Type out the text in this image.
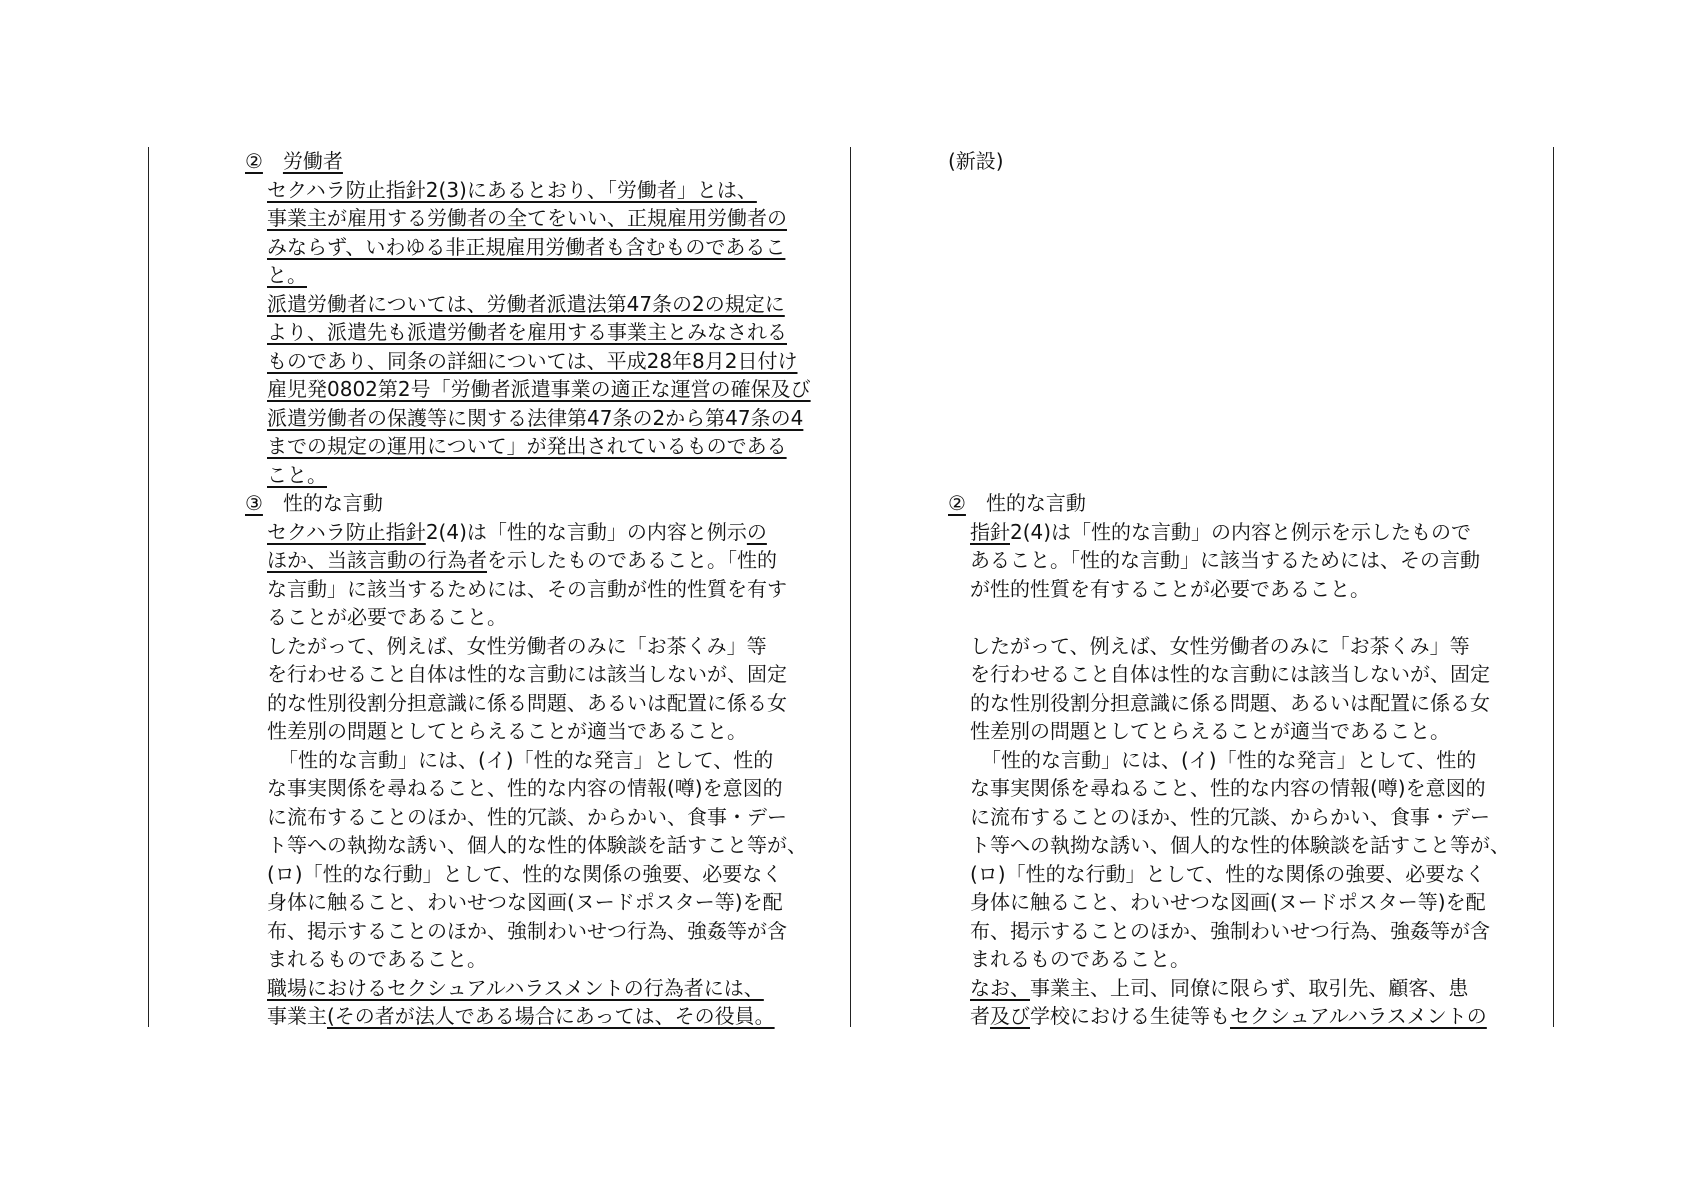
② 労働者
セクハラ防止指針2(3)にあるとおり、「労働者」とは、
事業主が雇用する労働者の全てをいい、正規雇用労働者の
みならず、いわゆる非正規雇用労働者も含むものであるこ
と。
派遣労働者については、労働者派遣法第47条の2の規定に
より、派遣先も派遣労働者を雇用する事業主とみなされる
ものであり、同条の詳細については、平成28年8月2日付け
雇児発0802第2号「労働者派遣事業の適正な運営の確保及び
派遣労働者の保護等に関する法律第47条の2から第47条の4
までの規定の運用について」が発出されているものである
こと。
③ 性的な言動
セクハラ防止指針2(4)は「性的な言動」の内容と例示の
ほか、当該言動の行為者を示したものであること。「性的
な言動」に該当するためには、その言動が性的性質を有す
ることが必要であること。
したがって、例えば、女性労働者のみに「お茶くみ」等
を行わせること自体は性的な言動には該当しないが、固定
的な性別役割分担意識に係る問題、あるいは配置に係る女
性差別の問題としてとらえることが適当であること。
「性的な言動」には、(イ)「性的な発言」として、性的
な事実関係を尋ねること、性的な内容の情報(噂)を意図的
に流布することのほか、性的冗談、からかい、食事・デー
ト等への執拗な誘い、個人的な性的体験談を話すこと等が、
(ロ)「性的な行動」として、性的な関係の強要、必要なく
身体に触ること、わいせつな図画(ヌードポスター等)を配
布、掲示することのほか、強制わいせつ行為、強姦等が含
まれるものであること。
職場におけるセクシュアルハラスメントの行為者には、
事業主(その者が法人である場合にあっては、その役員。
(新設)
② 性的な言動
指針2(4)は「性的な言動」の内容と例示を示したもので
あること。「性的な言動」に該当するためには、その言動
が性的性質を有することが必要であること。
したがって、例えば、女性労働者のみに「お茶くみ」等
を行わせること自体は性的な言動には該当しないが、固定
的な性別役割分担意識に係る問題、あるいは配置に係る女
性差別の問題としてとらえることが適当であること。
「性的な言動」には、(イ)「性的な発言」として、性的
な事実関係を尋ねること、性的な内容の情報(噂)を意図的
に流布することのほか、性的冗談、からかい、食事・デー
ト等への執拗な誘い、個人的な性的体験談を話すこと等が、
(ロ)「性的な行動」として、性的な関係の強要、必要なく
身体に触ること、わいせつな図画(ヌードポスター等)を配
布、掲示することのほか、強制わいせつ行為、強姦等が含
まれるものであること。
なお、事業主、上司、同僚に限らず、取引先、顧客、患
者及び学校における生徒等もセクシュアルハラスメントの
